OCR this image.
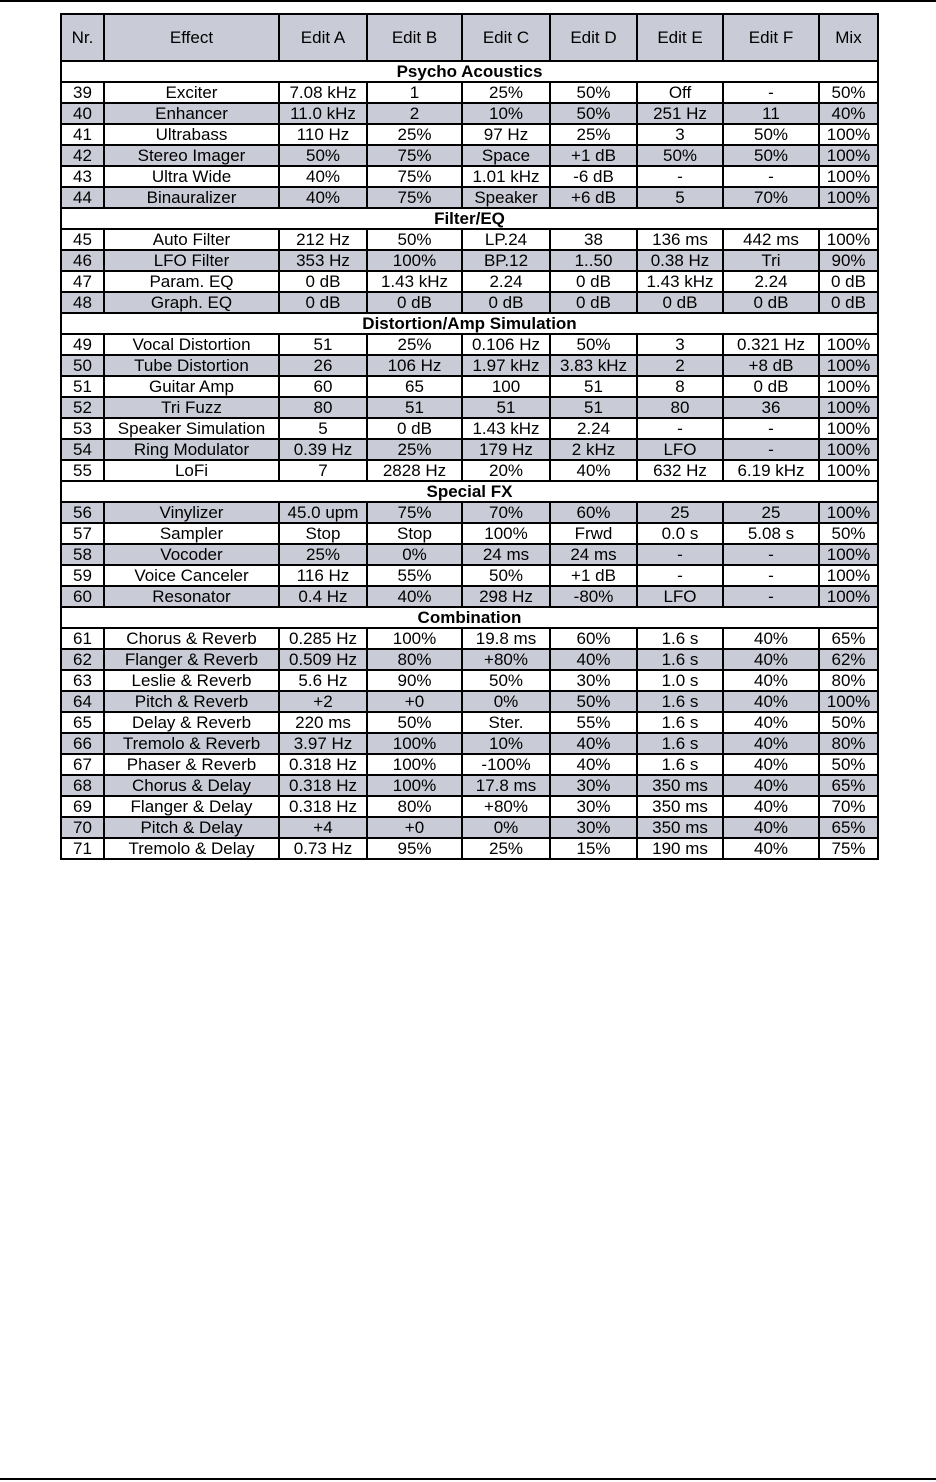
Nr.	Effect	Edit A	Edit B	Edit C	Edit D	Edit E	Edit F	Mix
Psycho Acoustics								
39	Exciter	7.08 kHz	1	25%	50%	Off	-	50%
40	Enhancer	11.0 kHz	2	10%	50%	251 Hz	11	40%
41	Ultrabass	110 Hz	25%	97 Hz	25%	3	50%	100%
42	Stereo Imager	50%	75%	Space	+1 dB	50%	50%	100%
43	Ultra Wide	40%	75%	1.01 kHz	-6 dB	-	-	100%
44	Binauralizer	40%	75%	Speaker	+6 dB	5	70%	100%
Filter/EQ								
45	Auto Filter	212 Hz	50%	LP.24	38	136 ms	442 ms	100%
46	LFO Filter	353 Hz	100%	BP.12	1..50	0.38 Hz	Tri	90%
47	Param. EQ	0 dB	1.43 kHz	2.24	0 dB	1.43 kHz	2.24	0 dB
48	Graph. EQ	0 dB	0 dB	0 dB	0 dB	0 dB	0 dB	0 dB
Distortion/Amp Simulation								
49	Vocal Distortion	51	25%	0.106 Hz	50%	3	0.321 Hz	100%
50	Tube Distortion	26	106 Hz	1.97 kHz	3.83 kHz	2	+8 dB	100%
51	Guitar Amp	60	65	100	51	8	0 dB	100%
52	Tri Fuzz	80	51	51	51	80	36	100%
53	Speaker Simulation	5	0 dB	1.43 kHz	2.24	-	-	100%
54	Ring Modulator	0.39 Hz	25%	179 Hz	2 kHz	LFO	-	100%
55	LoFi	7	2828 Hz	20%	40%	632 Hz	6.19 kHz	100%
Special FX								
56	Vinylizer	45.0 upm	75%	70%	60%	25	25	100%
57	Sampler	Stop	Stop	100%	Frwd	0.0 s	5.08 s	50%
58	Vocoder	25%	0%	24 ms	24 ms	-	-	100%
59	Voice Canceler	116 Hz	55%	50%	+1 dB	-	-	100%
60	Resonator	0.4 Hz	40%	298 Hz	-80%	LFO	-	100%
Combination								
61	Chorus & Reverb	0.285 Hz	100%	19.8 ms	60%	1.6 s	40%	65%
62	Flanger & Reverb	0.509 Hz	80%	+80%	40%	1.6 s	40%	62%
63	Leslie & Reverb	5.6 Hz	90%	50%	30%	1.0 s	40%	80%
64	Pitch & Reverb	+2	+0	0%	50%	1.6 s	40%	100%
65	Delay & Reverb	220 ms	50%	Ster.	55%	1.6 s	40%	50%
66	Tremolo & Reverb	3.97 Hz	100%	10%	40%	1.6 s	40%	80%
67	Phaser & Reverb	0.318 Hz	100%	-100%	40%	1.6 s	40%	50%
68	Chorus & Delay	0.318 Hz	100%	17.8 ms	30%	350 ms	40%	65%
69	Flanger & Delay	0.318 Hz	80%	+80%	30%	350 ms	40%	70%
70	Pitch & Delay	+4	+0	0%	30%	350 ms	40%	65%
71	Tremolo & Delay	0.73 Hz	95%	25%	15%	190 ms	40%	75%
